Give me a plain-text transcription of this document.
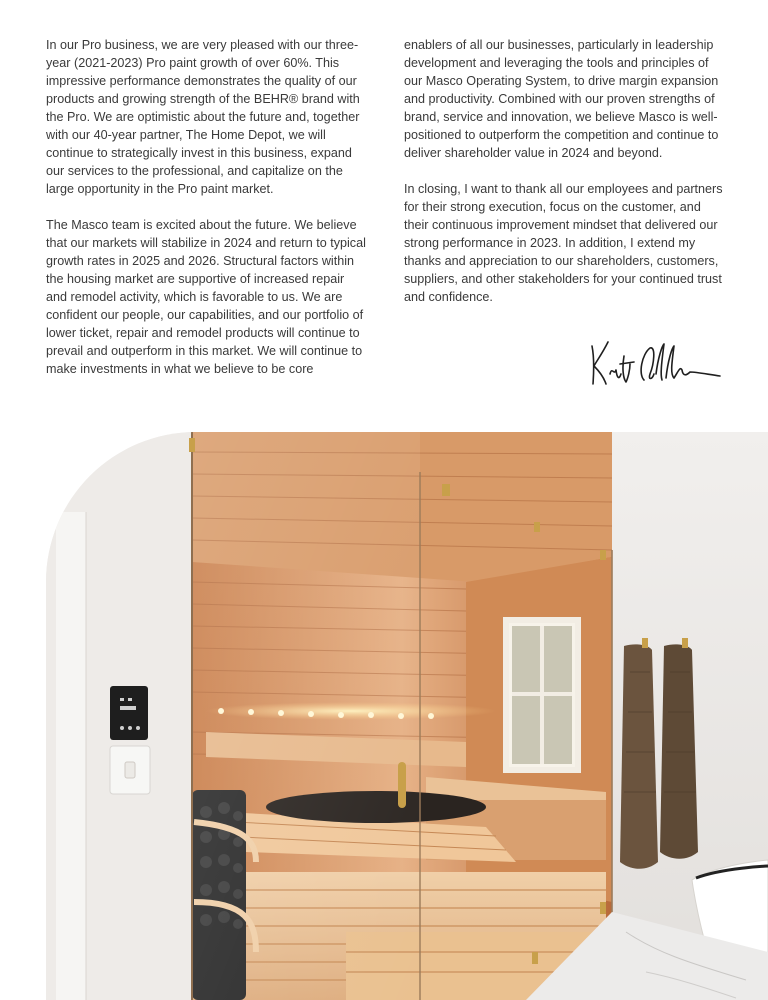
In our Pro business, we are very pleased with our three-year (2021-2023) Pro paint growth of over 60%. This impressive performance demonstrates the quality of our products and growing strength of the BEHR® brand with the Pro. We are optimistic about the future and, together with our 40-year partner, The Home Depot, we will continue to strategically invest in this business, expand our services to the professional, and capitalize on the large opportunity in the Pro paint market.

The Masco team is excited about the future. We believe that our markets will stabilize in 2024 and return to typical growth rates in 2025 and 2026. Structural factors within the housing market are supportive of increased repair and remodel activity, which is favorable to us. We are confident our people, our capabilities, and our portfolio of lower ticket, repair and remodel products will continue to prevail and outperform in this market. We will continue to make investments in what we believe to be core

enablers of all our businesses, particularly in leadership development and leveraging the tools and principles of our Masco Operating System, to drive margin expansion and productivity. Combined with our proven strengths of brand, service and innovation, we believe Masco is well-positioned to outperform the competition and continue to deliver shareholder value in 2024 and beyond.

In closing, I want to thank all our employees and partners for their strong execution, focus on the customer, and their continuous improvement mindset that delivered our strong performance in 2023. In addition, I extend my thanks and appreciation to our shareholders, customers, suppliers, and other stakeholders for your continued trust and confidence.
